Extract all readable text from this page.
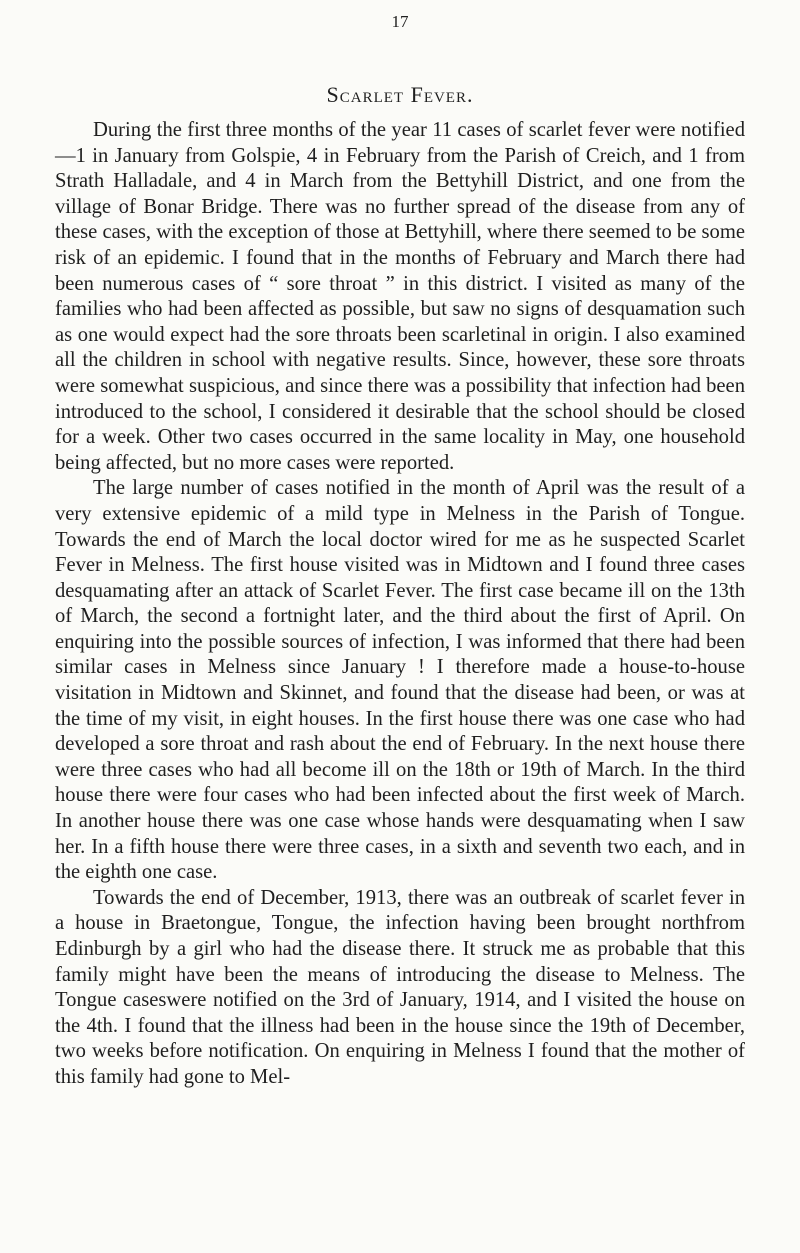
17
Scarlet Fever.

During the first three months of the year 11 cases of scarlet fever were notified—1 in January from Golspie, 4 in February from the Parish of Creich, and 1 from Strath Halladale, and 4 in March from the Bettyhill District, and one from the village of Bonar Bridge. There was no further spread of the disease from any of these cases, with the exception of those at Bettyhill, where there seemed to be some risk of an epidemic. I found that in the months of February and March there had been numerous cases of “ sore throat ” in this district. I visited as many of the families who had been affected as possible, but saw no signs of desquamation such as one would expect had the sore throats been scarletinal in origin. I also examined all the children in school with negative results. Since, however, these sore throats were somewhat suspicious, and since there was a possibility that infection had been introduced to the school, I considered it desirable that the school should be closed for a week. Other two cases occurred in the same locality in May, one household being affected, but no more cases were reported.

The large number of cases notified in the month of April was the result of a very extensive epidemic of a mild type in Melness in the Parish of Tongue. Towards the end of March the local doctor wired for me as he suspected Scarlet Fever in Melness. The first house visited was in Midtown and I found three cases desquamating after an attack of Scarlet Fever. The first case became ill on the 13th of March, the second a fortnight later, and the third about the first of April. On enquiring into the possible sources of infection, I was informed that there had been similar cases in Melness since January ! I therefore made a house-to-house visitation in Midtown and Skinnet, and found that the disease had been, or was at the time of my visit, in eight houses. In the first house there was one case who had developed a sore throat and rash about the end of February. In the next house there were three cases who had all become ill on the 18th or 19th of March. In the third house there were four cases who had been infected about the first week of March. In another house there was one case whose hands were desquamating when I saw her. In a fifth house there were three cases, in a sixth and seventh two each, and in the eighth one case.

Towards the end of December, 1913, there was an outbreak of scarlet fever in a house in Braetongue, Tongue, the infection having been brought northfrom Edinburgh by a girl who had the disease there. It struck me as probable that this family might have been the means of introducing the disease to Melness. The Tongue caseswere notified on the 3rd of January, 1914, and I visited the house on the 4th. I found that the illness had been in the house since the 19th of December, two weeks before notification. On enquiring in Melness I found that the mother of this family had gone to Mel-
